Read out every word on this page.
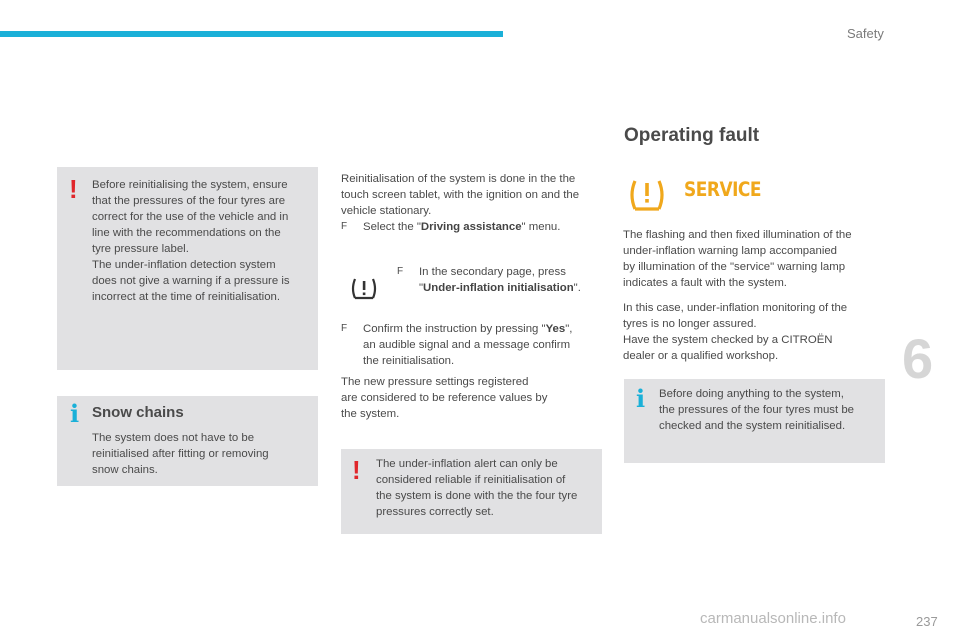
Safety
! Before reinitialising the system, ensure

that the pressures of the four tyres are

correct for the use of the vehicle and in

line with the recommendations on the

tyre pressure label.

The under-inflation detection system

does not give a warning if a pressure is

incorrect at the time of reinitialisation.

i Snow chains

The system does not have to be

reinitialised after fitting or removing

snow chains.

Reinitialisation of the system is done in the the

touch screen tablet, with the ignition on and the

vehicle stationary.

F Select the "Driving assistance" menu.

F In the secondary page, press

"Under-inflation initialisation".

F Confirm the instruction by pressing "Yes",

an audible signal and a message confirm

the reinitialisation.

The new pressure settings registered

are considered to be reference values by

the system.

! The under-inflation alert can only be

considered reliable if reinitialisation of

the system is done with the the four tyre

pressures correctly set.

Operating fault
SERVICE

The flashing and then fixed illumination of the

under-inflation warning lamp accompanied

by illumination of the "service" warning lamp

indicates a fault with the system.

In this case, under-inflation monitoring of the

tyres is no longer assured.

Have the system checked by a CITROËN

dealer or a qualified workshop.

i Before doing anything to the system,

the pressures of the four tyres must be

checked and the system reinitialised.

6
carmanualsonline.info	237
